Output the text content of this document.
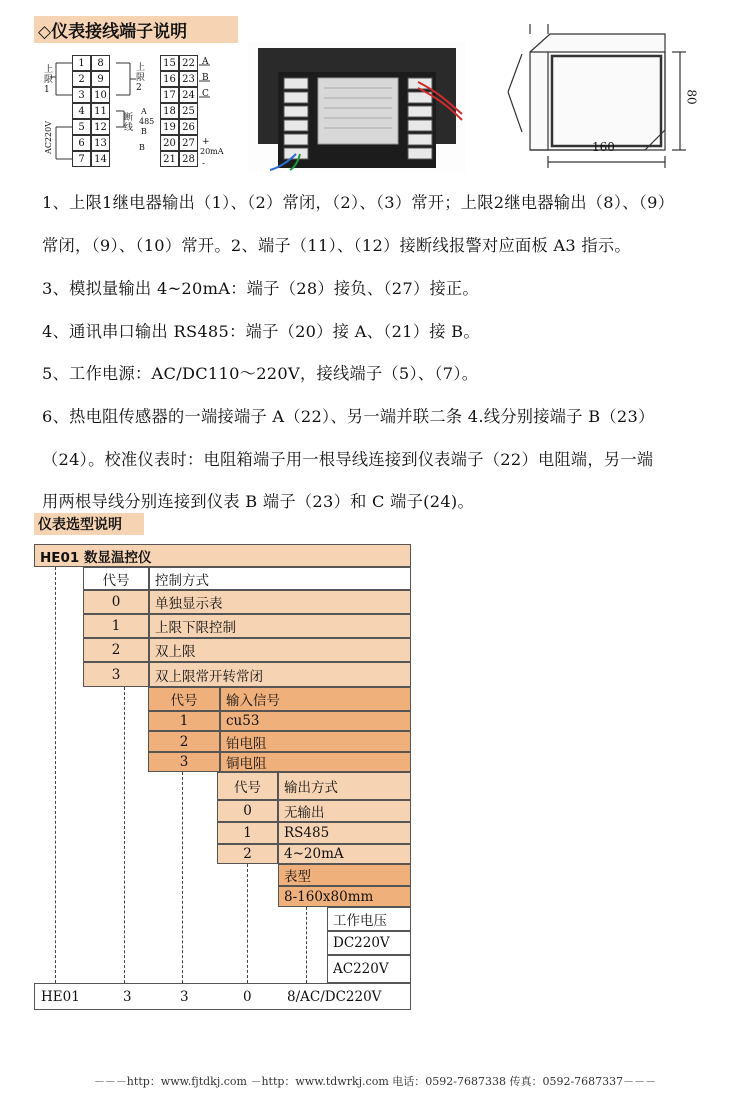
◇仪表接线端子说明
1	8
2	9
3 10
4 11
5 12
6 13
7 14
15 22
16 23
17 24
18 25
19 26
20 27
21 28
上限1
上限2
断线
AC220V
A
B
C
A
485
B
B	20mA
+
-
80
160
1、上限1继电器输出（1）、（2）常闭，（2）、（3）常开；上限2继电器输出（8）、（9）
常闭，（9）、（10）常开。2、端子（11）、（12）接断线报警对应面板 A3 指示。
3、模拟量输出 4~20mA：端子（28）接负、（27）接正。
4、通讯串口输出 RS485：端子（20）接 A、（21）接 B。
5、工作电源：AC/DC110～220V，接线端子（5）、（7）。
6、热电阻传感器的一端接端子 A（22）、另一端并联二条 4.线分别接端子 B（23）
（24）。校准仪表时：电阻箱端子用一根导线连接到仪表端子（22）电阻端，另一端
用两根导线分别连接到仪表 B 端子（23）和 C 端子(24)。
仪表选型说明
HE01 数显温控仪
代号	控制方式
0	单独显示表
1	上限下限控制
2	双上限
3	双上限常开转常闭
代号	输入信号
1	cu53
2	铂电阻
3	铜电阻
代号	输出方式
0	无输出
1	RS485
2	4~20mA
表型
8-160x80mm
工作电压
DC220V
AC220V
HE01	3	3	0	8/AC/DC220V
－－－http：www.fjtdkj.com －http：www.tdwrkj.com 电话：0592-7687338 传真：0592-7687337－－－
